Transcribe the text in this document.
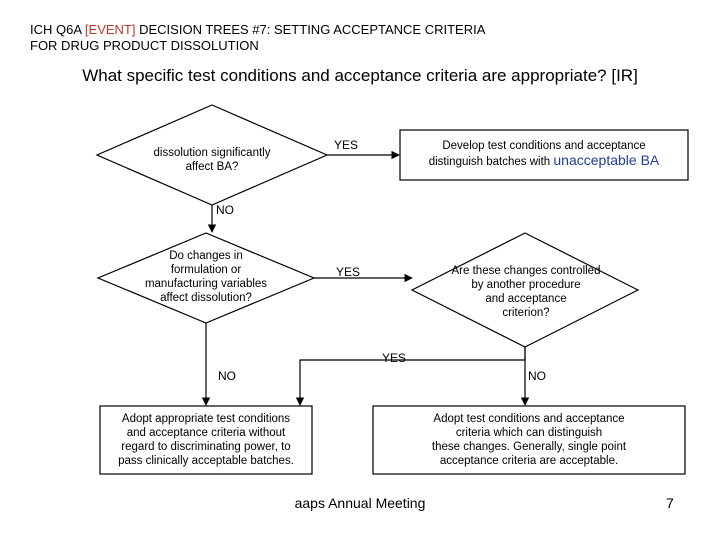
ICH Q6A [EVENT] DECISION TREES #7: SETTING ACCEPTANCE CRITERIA
FOR DRUG PRODUCT DISSOLUTION
What specific test conditions and acceptance criteria are appropriate? [IR]
dissolution significantly
affect BA?
YES	Develop test conditions and acceptance
distinguish batches with unacceptable BA
NO
Do changes in
formulation or
manufacturing variables
affect dissolution?
YES	Are these changes controlled
by another procedure
and acceptance
criterion?
YES
NO	NO
Adopt appropriate test conditions
and acceptance criteria without
regard to discriminating power, to
pass clinically acceptable batches.
Adopt test conditions and acceptance
criteria which can distinguish
these changes. Generally, single point
acceptance criteria are acceptable.
aaps Annual Meeting	7
